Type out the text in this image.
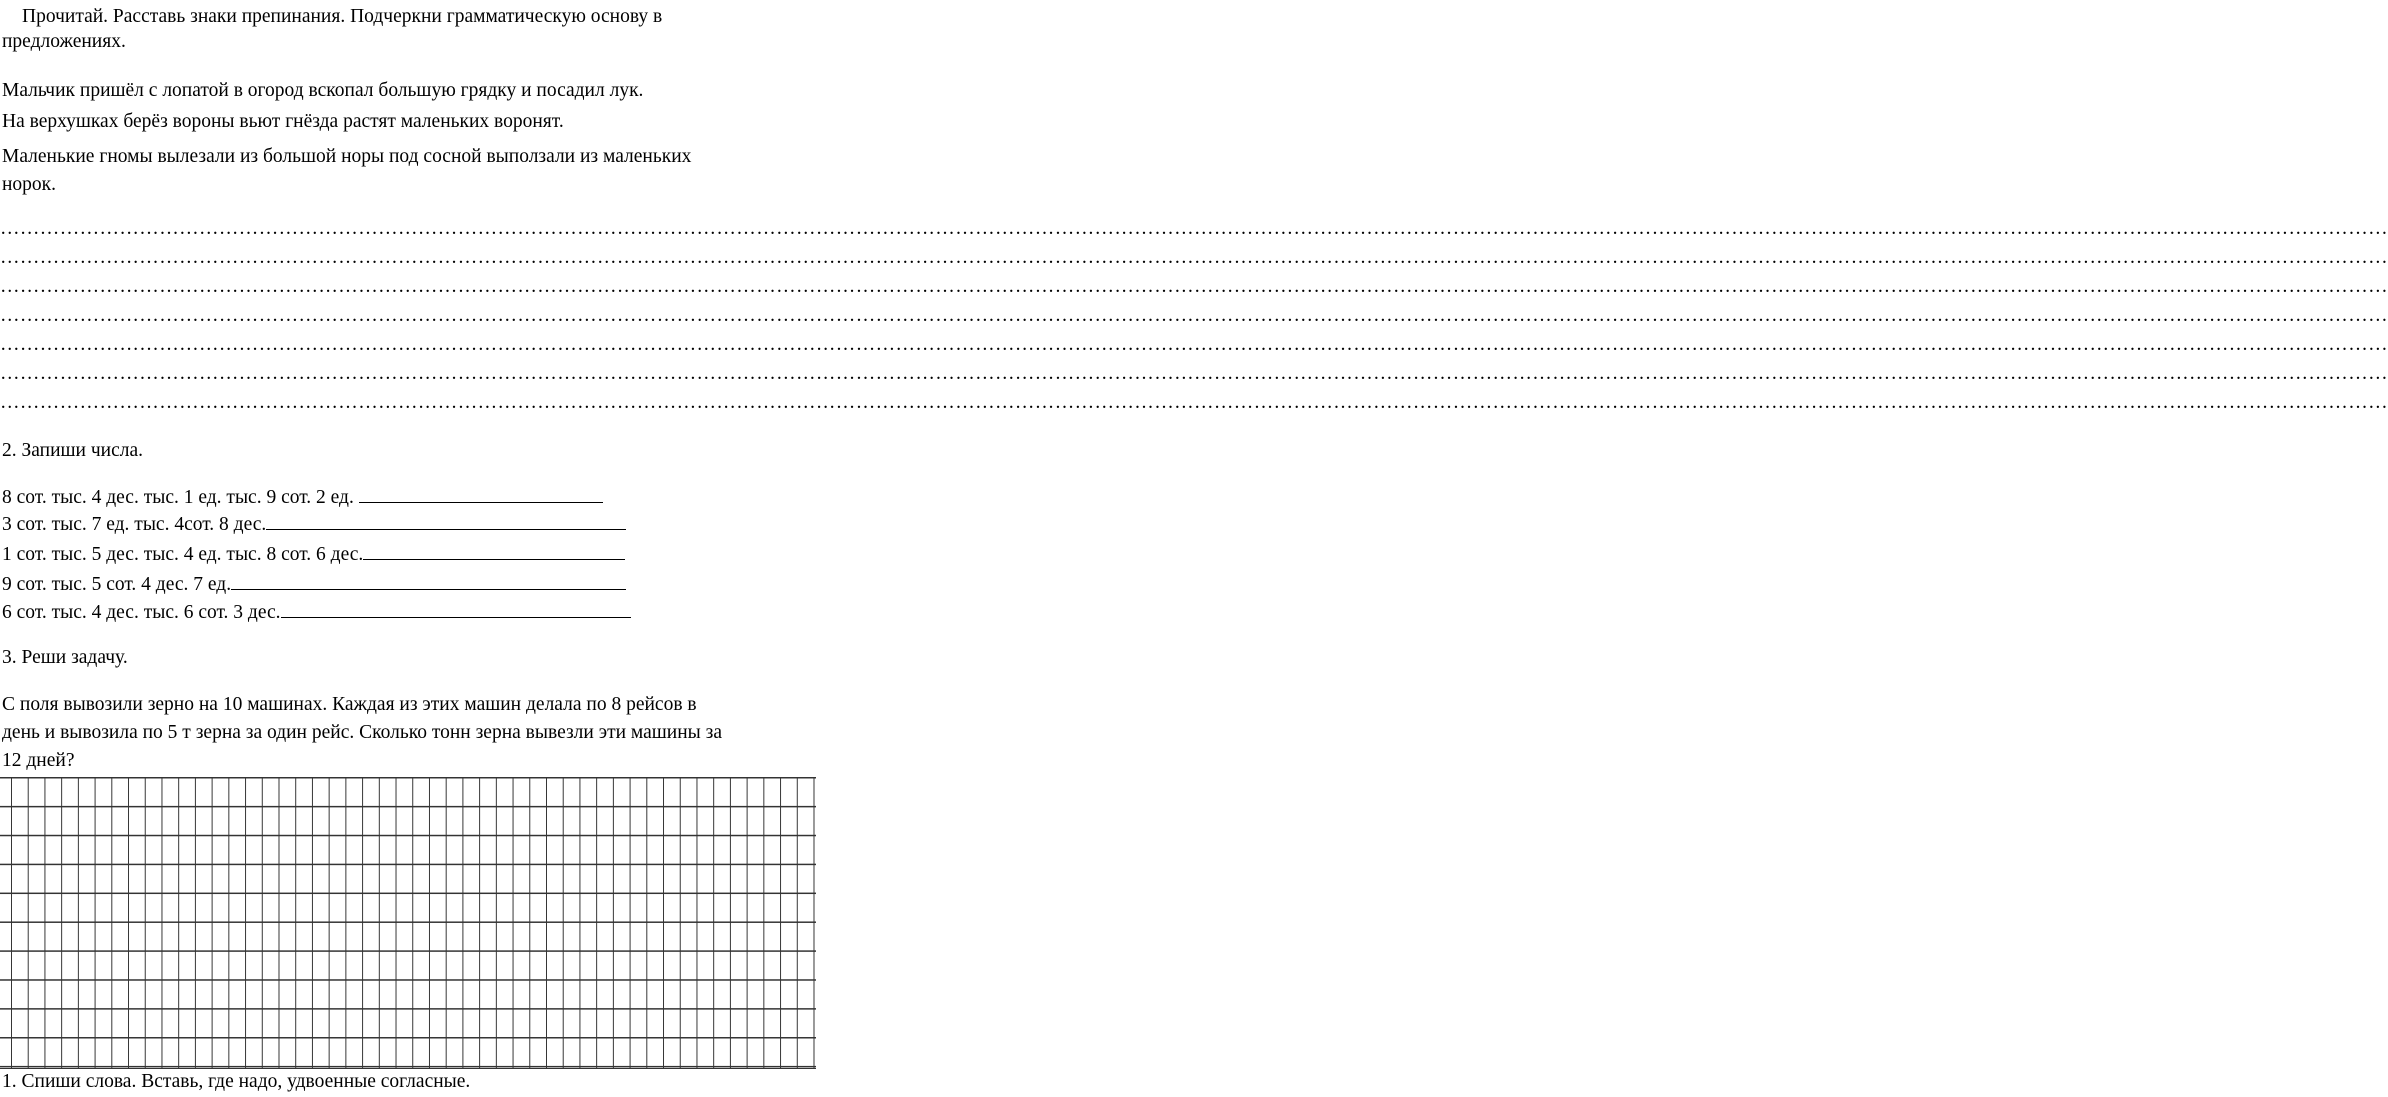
Прочитай. Расставь знаки препинания. Подчеркни грамматическую основу в
предложениях.
Мальчик пришёл с лопатой в огород вскопал большую грядку и посадил лук.
На верхушках берёз вороны вьют гнёзда растят маленьких воронят.
Маленькие гномы вылезали из большой норы под сосной выползали из маленьких
норок.
………………………………………………………………………………………………………………………………………………………………………………………………………………………………………………………………………………………………………………………………
………………………………………………………………………………………………………………………………………………………………………………………………………………………………………………………………………………………………………………………………
………………………………………………………………………………………………………………………………………………………………………………………………………………………………………………………………………………………………………………………………
………………………………………………………………………………………………………………………………………………………………………………………………………………………………………………………………………………………………………………………………
………………………………………………………………………………………………………………………………………………………………………………………………………………………………………………………………………………………………………………………………
………………………………………………………………………………………………………………………………………………………………………………………………………………………………………………………………………………………………………………………………
………………………………………………………………………………………………………………………………………………………………………………………………………………………………………………………………………………………………………………………………
2. Запиши числа.
8 сот. тыс. 4 дес. тыс. 1 ед. тыс. 9 сот. 2 ед.
3 сот. тыс. 7 ед. тыс. 4сот. 8 дес.
1 сот. тыс. 5 дес. тыс. 4 ед. тыс. 8 сот. 6 дес.
9 сот. тыс. 5 сот. 4 дес. 7 ед.
6 сот. тыс. 4 дес. тыс. 6 сот. 3 дес.
3. Реши задачу.
С поля вывозили зерно на 10 машинах. Каждая из этих машин делала по 8 рейсов в
день и вывозила по 5 т зерна за один рейс. Сколько тонн зерна вывезли эти машины за
12 дней?
1. Спиши слова. Вставь, где надо, удвоенные согласные.
